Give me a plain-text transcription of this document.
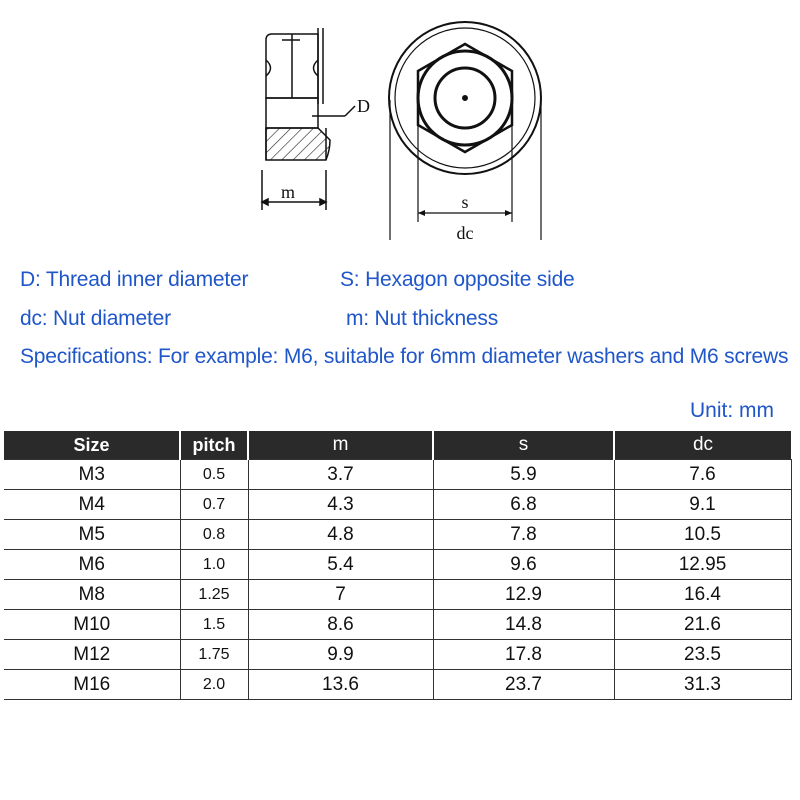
D
m	s
dc
D: Thread inner diameter	S: Hexagon opposite side
dc: Nut diameter	m: Nut thickness
Specifications: For example: M6, suitable for 6mm diameter washers and M6 screws
Unit: mm
Size	pitch	m	s	dc
M3	0.5	3.7	5.9	7.6
M4	0.7	4.3	6.8	9.1
M5	0.8	4.8	7.8	10.5
M6	1.0	5.4	9.6	12.95
M8	1.25	7	12.9	16.4
M10	1.5	8.6	14.8	21.6
M12	1.75	9.9	17.8	23.5
M16	2.0	13.6	23.7	31.3
